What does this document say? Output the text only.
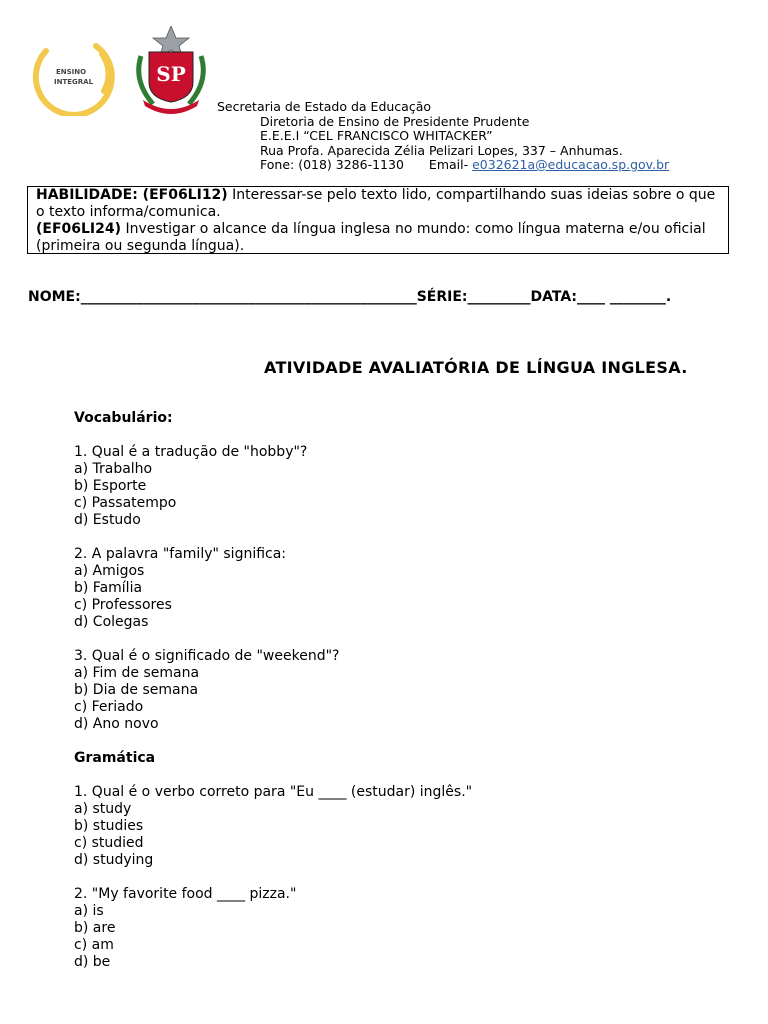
ENSINO
INTEGRAL	SP
Secretaria de Estado da Educação
Diretoria de Ensino de Presidente Prudente
E.E.E.I “CEL FRANCISCO WHITACKER”
Rua Profa. Aparecida Zélia Pelizari Lopes, 337 – Anhumas.
Fone: (018) 3286-1130 Email- e032621a@educacao.sp.gov.br

HABILIDADE: (EF06LI12) Interessar-se pelo texto lido, compartilhando suas ideias sobre o que o texto informa/comunica.

(EF06LI24) Investigar o alcance da língua inglesa no mundo: como língua materna e/ou oficial (primeira ou segunda língua).

NOME:________________________________________________SÉRIE:_________DATA:____ ________.
ATIVIDADE AVALIATÓRIA DE LÍNGUA INGLESA.
Vocabulário:
1. Qual é a tradução de "hobby"?
a) Trabalho
b) Esporte
c) Passatempo
d) Estudo
2. A palavra "family" significa:
a) Amigos
b) Família
c) Professores
d) Colegas
3. Qual é o significado de "weekend"?
a) Fim de semana
b) Dia de semana
c) Feriado
d) Ano novo
Gramática
1. Qual é o verbo correto para "Eu ____ (estudar) inglês."
a) study
b) studies
c) studied
d) studying
2. "My favorite food ____ pizza."
a) is
b) are
c) am
d) be
